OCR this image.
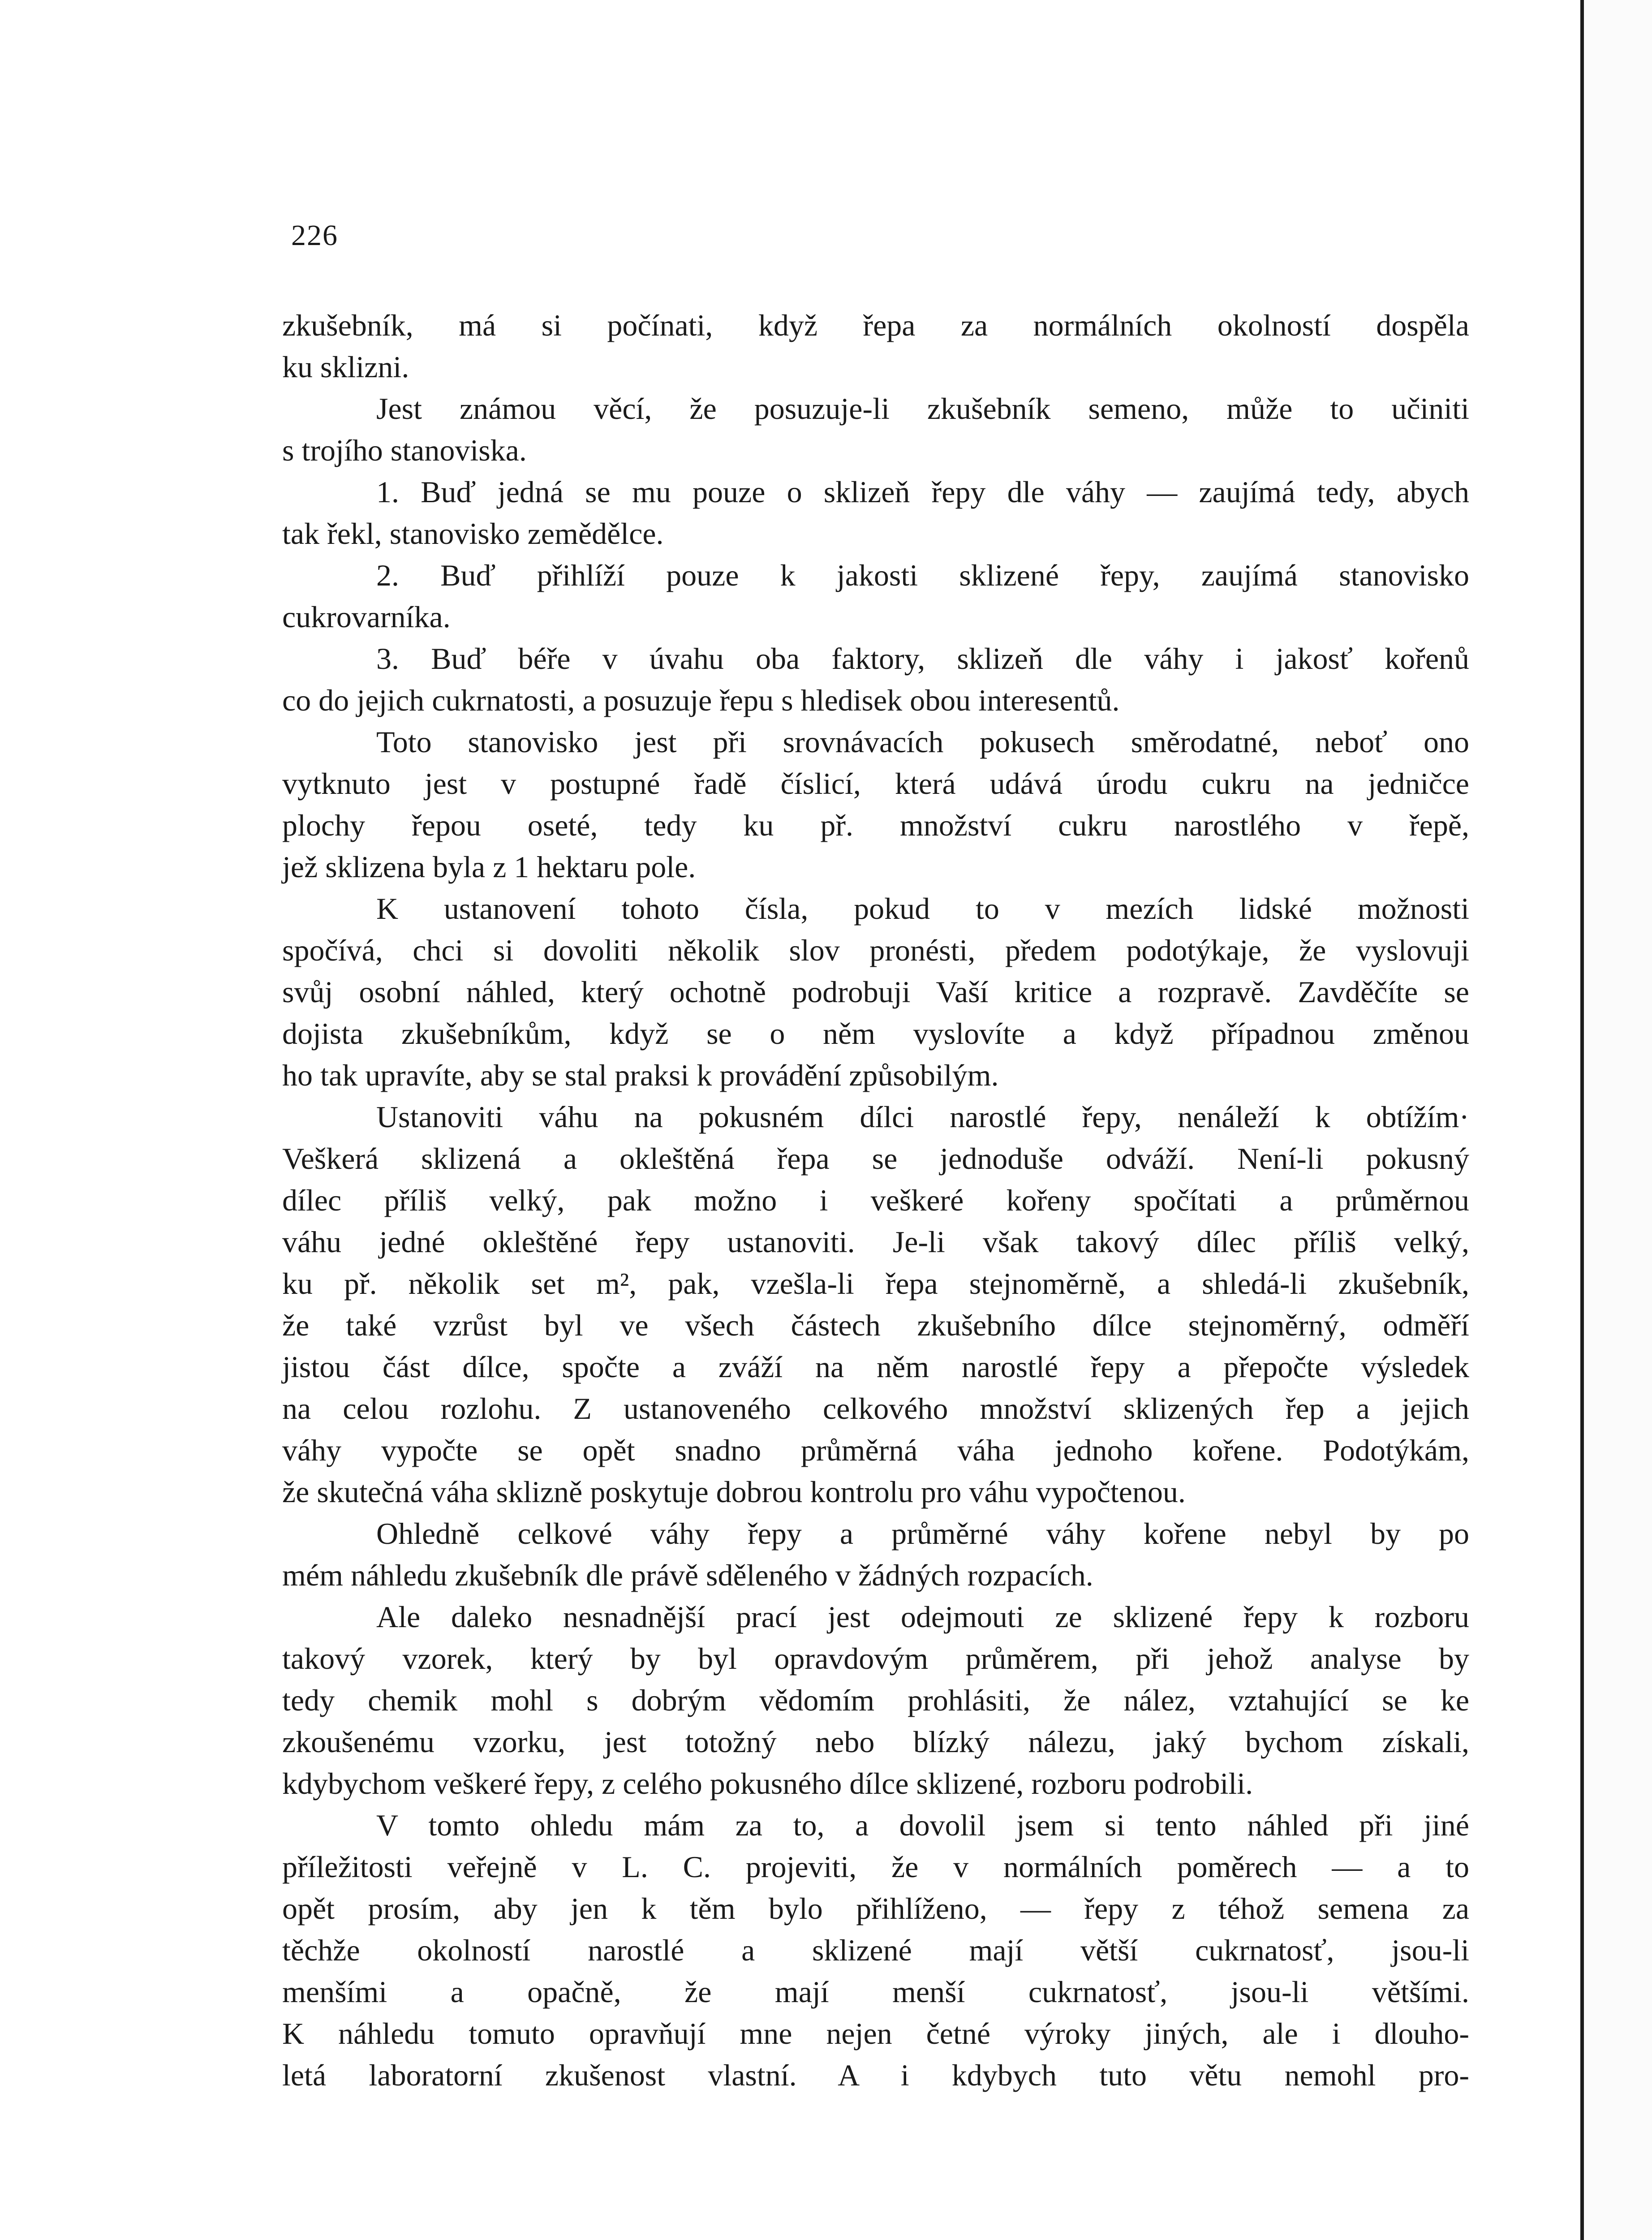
226
zkušebník, má si počínati, když řepa za normálních okolností dospěla
ku sklizni.
Jest známou věcí, že posuzuje-li zkušebník semeno, může to učiniti
s trojího stanoviska.
1. Buď jedná se mu pouze o sklizeň řepy dle váhy — zaujímá tedy, abych
tak řekl, stanovisko zemědělce.
2. Buď přihlíží pouze k jakosti sklizené řepy, zaujímá stanovisko
cukrovarníka.
3. Buď béře v úvahu oba faktory, sklizeň dle váhy i jakosť kořenů
co do jejich cukrnatosti, a posuzuje řepu s hledisek obou interesentů.
Toto stanovisko jest při srovnávacích pokusech směrodatné, neboť ono
vytknuto jest v postupné řadě číslicí, která udává úrodu cukru na jedničce
plochy řepou oseté, tedy ku př. množství cukru narostlého v řepě,
jež sklizena byla z 1 hektaru pole.
K ustanovení tohoto čísla, pokud to v mezích lidské možnosti
spočívá, chci si dovoliti několik slov pronésti, předem podotýkaje, že vyslovuji
svůj osobní náhled, který ochotně podrobuji Vaší kritice a rozpravě. Zavděčíte se
dojista zkušebníkům, když se o něm vyslovíte a když případnou změnou
ho tak upravíte, aby se stal praksi k provádění způsobilým.
Ustanoviti váhu na pokusném dílci narostlé řepy, nenáleží k obtížím·
Veškerá sklizená a okleštěná řepa se jednoduše odváží. Není-li pokusný
dílec příliš velký, pak možno i veškeré kořeny spočítati a průměrnou
váhu jedné okleštěné řepy ustanoviti. Je-li však takový dílec příliš velký,
ku př. několik set m², pak, vzešla-li řepa stejnoměrně, a shledá-li zkušebník,
že také vzrůst byl ve všech částech zkušebního dílce stejnoměrný, odměří
jistou část dílce, spočte a zváží na něm narostlé řepy a přepočte výsledek
na celou rozlohu. Z ustanoveného celkového množství sklizených řep a jejich
váhy vypočte se opět snadno průměrná váha jednoho kořene. Podotýkám,
že skutečná váha sklizně poskytuje dobrou kontrolu pro váhu vypočtenou.
Ohledně celkové váhy řepy a průměrné váhy kořene nebyl by po
mém náhledu zkušebník dle právě sděleného v žádných rozpacích.
Ale daleko nesnadnější prací jest odejmouti ze sklizené řepy k rozboru
takový vzorek, který by byl opravdovým průměrem, při jehož analyse by
tedy chemik mohl s dobrým vědomím prohlásiti, že nález, vztahující se ke
zkoušenému vzorku, jest totožný nebo blízký nálezu, jaký bychom získali,
kdybychom veškeré řepy, z celého pokusného dílce sklizené, rozboru podrobili.
V tomto ohledu mám za to, a dovolil jsem si tento náhled při jiné
příležitosti veřejně v L. C. projeviti, že v normálních poměrech — a to
opět prosím, aby jen k těm bylo přihlíženo, — řepy z téhož semena za
těchže okolností narostlé a sklizené mají větší cukrnatosť, jsou-li
menšími a opačně, že mají menší cukrnatosť, jsou-li většími.
K náhledu tomuto opravňují mne nejen četné výroky jiných, ale i dlouho-
letá laboratorní zkušenost vlastní. A i kdybych tuto větu nemohl pro-
